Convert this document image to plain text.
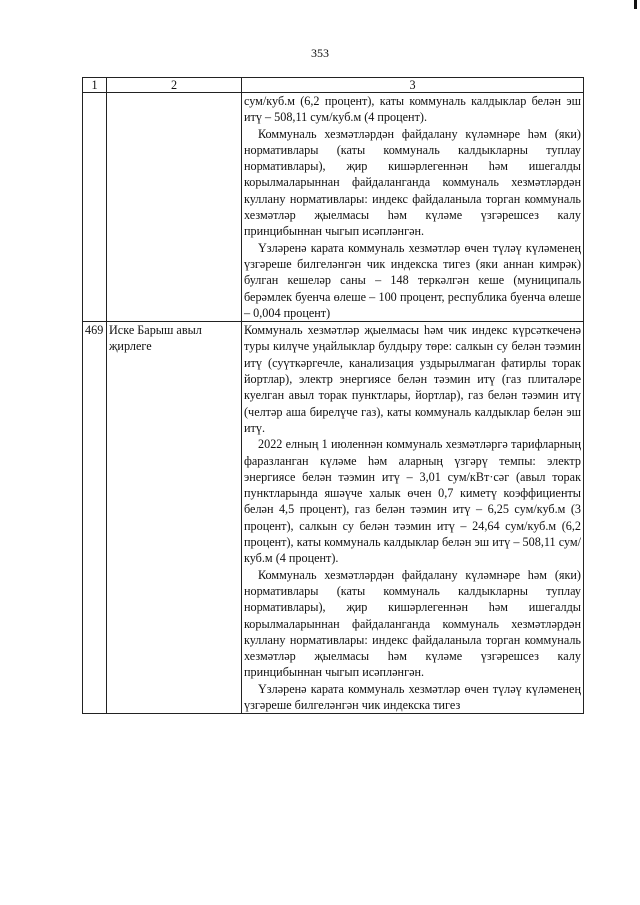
353
1	2	3

		сум/куб.м (6,2 процент), каты коммуналь калдыклар белән эш итү – 508,11 сум/куб.м (4 процент).

Коммуналь хезмәтләрдән файдалану күләмнәре һәм (яки) нормативлары (каты коммуналь калдыкларны туплау нормативлары), җир кишәрлегеннән һәм ишегалды корылмаларыннан файдаланганда коммуналь хезмәтләрдән куллану нормативлары: индекс файдаланыла торган коммуналь хезмәтләр җыелмасы һәм күләме үзгәрешсез калу принцибыннан чыгып исәпләнгән.

Үзләренә карата коммуналь хезмәтләр өчен түләү күләменең үзгәреше билгеләнгән чик индекска тигез (яки аннан кимрәк) булган кешеләр саны – 148 теркәлгән кеше (муниципаль берәмлек буенча өлеше – 100 процент, республика буенча өлеше – 0,004 процент)

469	Иске Барыш авыл җирлеге	Коммуналь хезмәтләр җыелмасы һәм чик индекс күрсәткеченә туры килүче уңайлыклар булдыру төре: салкын су белән тәэмин итү (суүткәргечле, канализация уздырылмаган фатирлы торак йортлар), электр энергиясе белән тәэмин итү (газ плиталәре куелган авыл торак пунктлары, йортлар), газ белән тәэмин итү (челтәр аша бирелүче газ), каты коммуналь калдыклар белән эш итү.

2022 елның 1 июленнән коммуналь хезмәтләргә тарифларның фаразланган күләме һәм аларның үзгәрү темпы: электр энергиясе белән тәэмин итү – 3,01 сум/кВт·сәг (авыл торак пунктларында яшәүче халык өчен 0,7 киметү коэффициенты белән 4,5 процент), газ белән тәэмин итү – 6,25 сум/куб.м (3 процент), салкын су белән тәэмин итү – 24,64 сум/куб.м (6,2 процент), каты коммуналь калдыклар белән эш итү – 508,11 сум/куб.м (4 процент).

Коммуналь хезмәтләрдән файдалану күләмнәре һәм (яки) нормативлары (каты коммуналь калдыкларны туплау нормативлары), җир кишәрлегеннән һәм ишегалды корылмаларыннан файдаланганда коммуналь хезмәтләрдән куллану нормативлары: индекс файдаланыла торган коммуналь хезмәтләр җыелмасы һәм күләме үзгәрешсез калу принцибыннан чыгып исәпләнгән.

Үзләренә карата коммуналь хезмәтләр өчен түләү күләменең үзгәреше билгеләнгән чик индекска тигез
